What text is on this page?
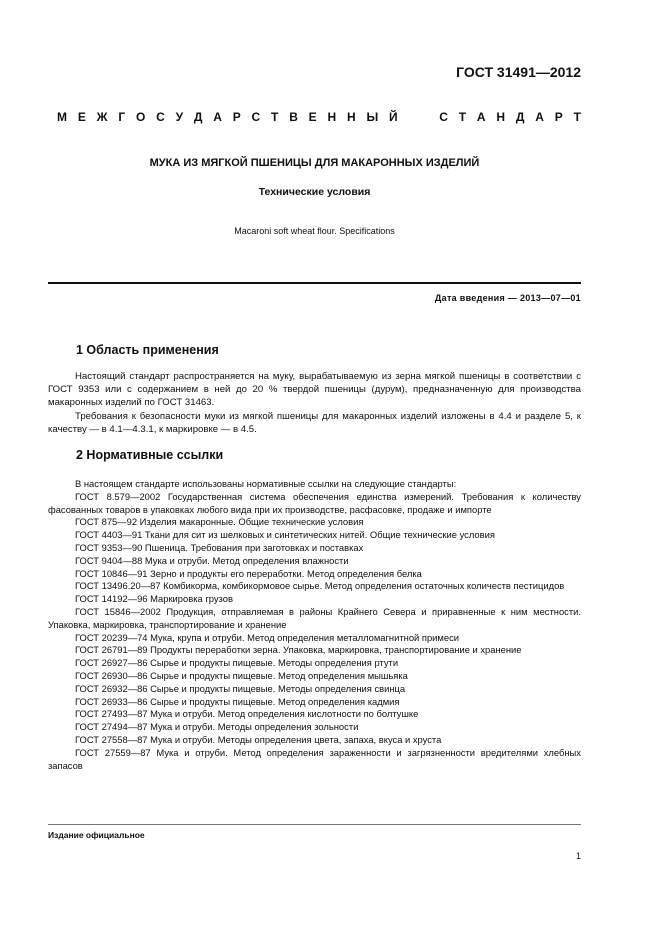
ГОСТ 31491—2012
М Е Ж Г О С У Д А Р С Т В Е Н Н Ы Й	С Т А Н Д А Р Т
МУКА ИЗ МЯГКОЙ ПШЕНИЦЫ ДЛЯ МАКАРОННЫХ ИЗДЕЛИЙ
Технические условия
Macaroni soft wheat flour. Specifications
Дата введения — 2013—07—01
1 Область применения

Настоящий стандарт распространяется на муку, вырабатываемую из зерна мягкой пшеницы в соответствии с ГОСТ 9353 или с содержанием в ней до 20 % твердой пшеницы (дурум), предназначенную для производства макаронных изделий по ГОСТ 31463.

Требования к безопасности муки из мягкой пшеницы для макаронных изделий изложены в 4.4 и разделе 5, к качеству — в 4.1—4.3.1, к маркировке — в 4.5.

2 Нормативные ссылки
В настоящем стандарте использованы нормативные ссылки на следующие стандарты:
ГОСТ 8.579—2002 Государственная система обеспечения единства измерений. Требования к количеству фасованных товаров в упаковках любого вида при их производстве, расфасовке, продаже и импорте
ГОСТ 875—92 Изделия макаронные. Общие технические условия
ГОСТ 4403—91 Ткани для сит из шелковых и синтетических нитей. Общие технические условия
ГОСТ 9353—90 Пшеница. Требования при заготовках и поставках
ГОСТ 9404—88 Мука и отруби. Метод определения влажности
ГОСТ 10846—91 Зерно и продукты его переработки. Метод определения белка
ГОСТ 13496.20—87 Комбикорма, комбикормовое сырье. Метод определения остаточных количеств пестицидов
ГОСТ 14192—96 Маркировка грузов
ГОСТ 15846—2002 Продукция, отправляемая в районы Крайнего Севера и приравненные к ним местности. Упаковка, маркировка, транспортирование и хранение
ГОСТ 20239—74 Мука, крупа и отруби. Метод определения металломагнитной примеси
ГОСТ 26791—89 Продукты переработки зерна. Упаковка, маркировка, транспортирование и хранение
ГОСТ 26927—86 Сырье и продукты пищевые. Методы определения ртути
ГОСТ 26930—86 Сырье и продукты пищевые. Метод определения мышьяка
ГОСТ 26932—86 Сырье и продукты пищевые. Методы определения свинца
ГОСТ 26933—86 Сырье и продукты пищевые. Метод определения кадмия
ГОСТ 27493—87 Мука и отруби. Метод определения кислотности по болтушке
ГОСТ 27494—87 Мука и отруби. Методы определения зольности
ГОСТ 27558—87 Мука и отруби. Методы определения цвета, запаха, вкуса и хруста
ГОСТ 27559—87 Мука и отруби. Метод определения зараженности и загрязненности вредителями хлебных запасов
Издание официальное
1
